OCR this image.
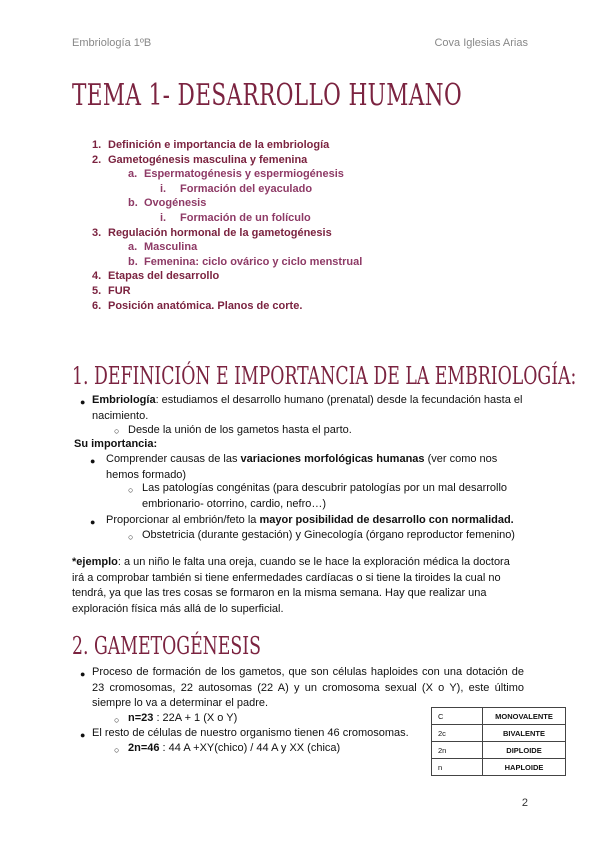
Embriología 1ºB	Cova Iglesias Arias
TEMA 1- DESARROLLO HUMANO
1. Definición e importancia de la embriología
2. Gametogénesis masculina y femenina
a. Espermatogénesis y espermiogénesis
i. Formación del eyaculado
b. Ovogénesis
i. Formación de un folículo
3. Regulación hormonal de la gametogénesis
a. Masculina
b. Femenina: ciclo ovárico y ciclo menstrual
4. Etapas del desarrollo
5. FUR
6. Posición anatómica. Planos de corte.
1. DEFINICIÓN E IMPORTANCIA DE LA EMBRIOLOGÍA:
● Embriología: estudiamos el desarrollo humano (prenatal) desde la fecundación hasta el nacimiento.
○ Desde la unión de los gametos hasta el parto.
Su importancia:
● Comprender causas de las variaciones morfológicas humanas (ver como nos hemos formado)
○ Las patologías congénitas (para descubrir patologías por un mal desarrollo embrionario- otorrino, cardio, nefro…)
● Proporcionar al embrión/feto la mayor posibilidad de desarrollo con normalidad.
○ Obstetricia (durante gestación) y Ginecología (órgano reproductor femenino)
*ejemplo: a un niño le falta una oreja, cuando se le hace la exploración médica la doctora irá a comprobar también si tiene enfermedades cardíacas o si tiene la tiroides la cual no tendrá, ya que las tres cosas se formaron en la misma semana. Hay que realizar una exploración física más allá de lo superficial.
2. GAMETOGÉNESIS
● Proceso de formación de los gametos, que son células haploides con una dotación de 23 cromosomas, 22 autosomas (22 A) y un cromosoma sexual (X o Y), este último siempre lo va a determinar el padre.
○ n=23 : 22A + 1 (X o Y)
● El resto de células de nuestro organismo tienen 46 cromosomas.
○ 2n=46 : 44 A +XY(chico) / 44 A y XX (chica)
C	MONOVALENTE
2c	BIVALENTE
2n	DIPLOIDE
n	HAPLOIDE
2
